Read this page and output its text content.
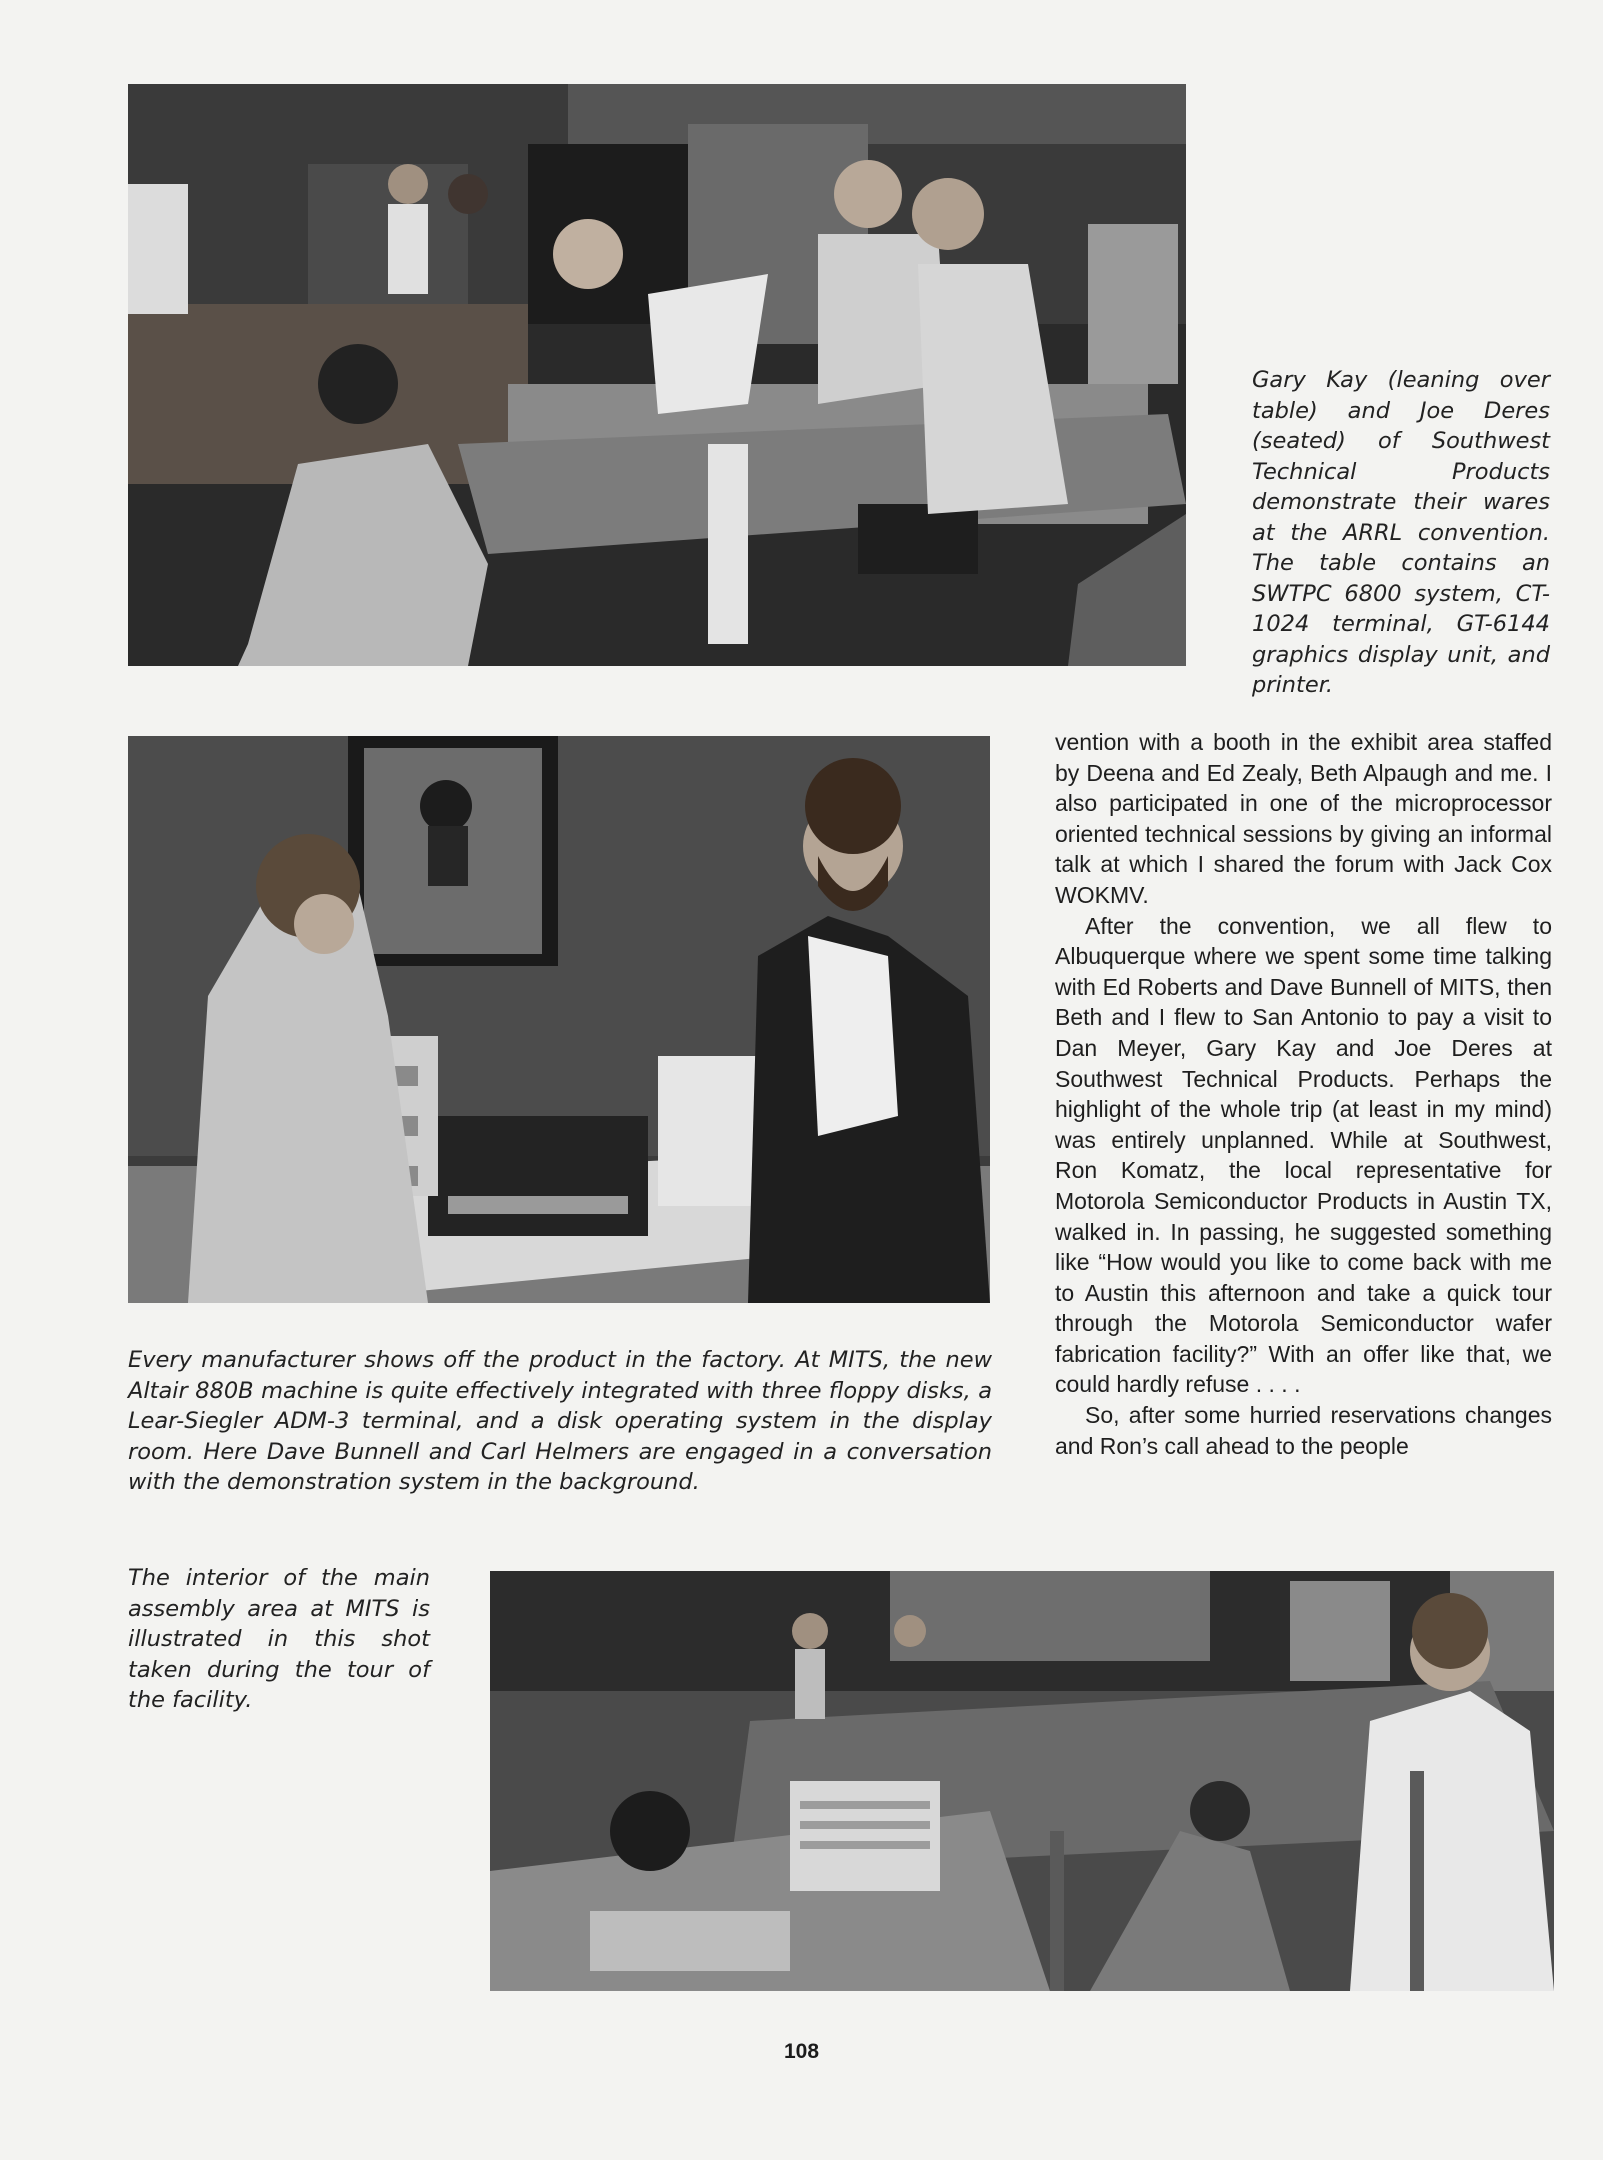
Gary Kay (leaning over table) and Joe Deres (seated) of Southwest Technical Products demonstrate their wares at the ARRL convention. The table contains an SWTPC 6800 system, CT-1024 terminal, GT-6144 graphics display unit, and printer.
Every manufacturer shows off the product in the factory. At MITS, the new Altair 880B machine is quite effectively integrated with three floppy disks, a Lear-Siegler ADM-3 terminal, and a disk operating system in the display room. Here Dave Bunnell and Carl Helmers are engaged in a conversation with the demonstration system in the background.

vention with a booth in the exhibit area staffed by Deena and Ed Zealy, Beth Alpaugh and me. I also participated in one of the microprocessor oriented technical sessions by giving an informal talk at which I shared the forum with Jack Cox WOKMV.

After the convention, we all flew to Albuquerque where we spent some time talking with Ed Roberts and Dave Bunnell of MITS, then Beth and I flew to San Antonio to pay a visit to Dan Meyer, Gary Kay and Joe Deres at Southwest Technical Products. Perhaps the highlight of the whole trip (at least in my mind) was entirely unplanned. While at Southwest, Ron Komatz, the local representative for Motorola Semiconductor Products in Austin TX, walked in. In passing, he suggested something like “How would you like to come back with me to Austin this afternoon and take a quick tour through the Motorola Semiconductor wafer fabrication facility?” With an offer like that, we could hardly refuse . . . .

So, after some hurried reservations changes and Ron’s call ahead to the people

The interior of the main assembly area at MITS is illustrated in this shot taken during the tour of the facility.
108
